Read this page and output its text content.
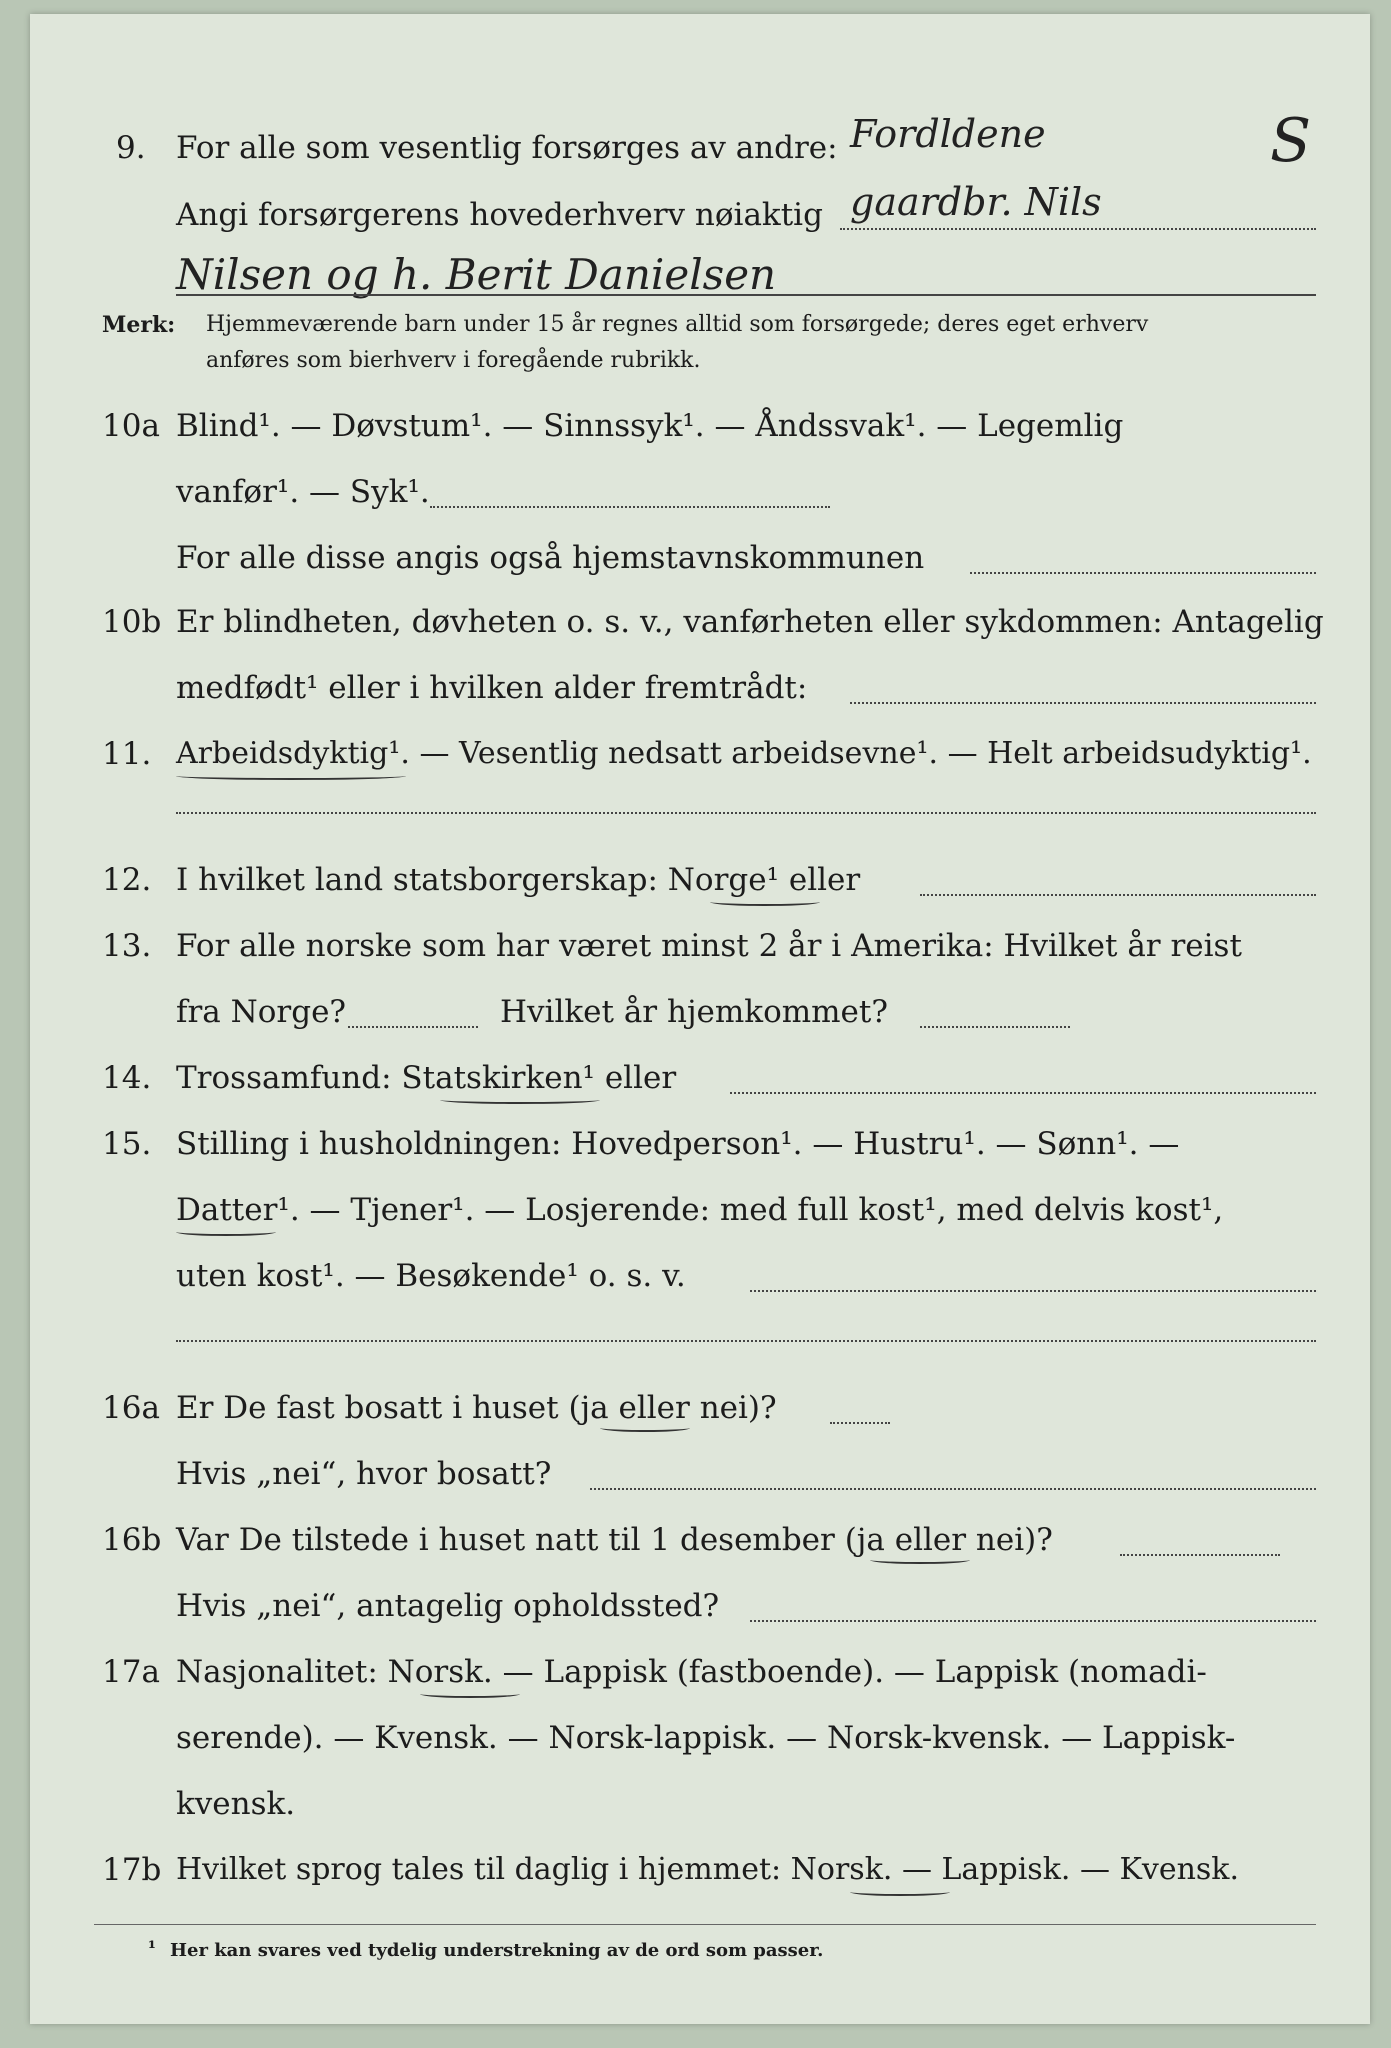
9. For alle som vesentlig forsørges av andre: Fordldene	S
Angi forsørgerens hovederhverv nøiaktig gaardbr. Nils
Nilsen og h. Berit Danielsen
Merk: Hjemmeværende barn under 15 år regnes alltid som forsørgede; deres eget erhverv
anføres som bierhverv i foregående rubrikk.
10a Blind¹. — Døvstum¹. — Sinnssyk¹. — Åndssvak¹. — Legemlig
vanfør¹. — Syk¹.
For alle disse angis også hjemstavnskommunen
10b Er blindheten, døvheten o. s. v., vanførheten eller sykdommen: Antagelig
medfødt¹ eller i hvilken alder fremtrådt:
11. Arbeidsdyktig¹. — Vesentlig nedsatt arbeidsevne¹. — Helt arbeidsudyktig¹.
12. I hvilket land statsborgerskap: Norge¹ eller
13. For alle norske som har været minst 2 år i Amerika: Hvilket år reist
fra Norge?	Hvilket år hjemkommet?
14. Trossamfund: Statskirken¹ eller
15. Stilling i husholdningen: Hovedperson¹. — Hustru¹. — Sønn¹. —
Datter¹. — Tjener¹. — Losjerende: med full kost¹, med delvis kost¹,
uten kost¹. — Besøkende¹ o. s. v.
16a Er De fast bosatt i huset (ja eller nei)?
Hvis „nei“, hvor bosatt?
16b Var De tilstede i huset natt til 1 desember (ja eller nei)?
Hvis „nei“, antagelig opholdssted?
17a Nasjonalitet: Norsk. — Lappisk (fastboende). — Lappisk (nomadi-
serende). — Kvensk. — Norsk-lappisk. — Norsk-kvensk. — Lappisk-
kvensk.
17b Hvilket sprog tales til daglig i hjemmet: Norsk. — Lappisk. — Kvensk.
¹ Her kan svares ved tydelig understrekning av de ord som passer.
